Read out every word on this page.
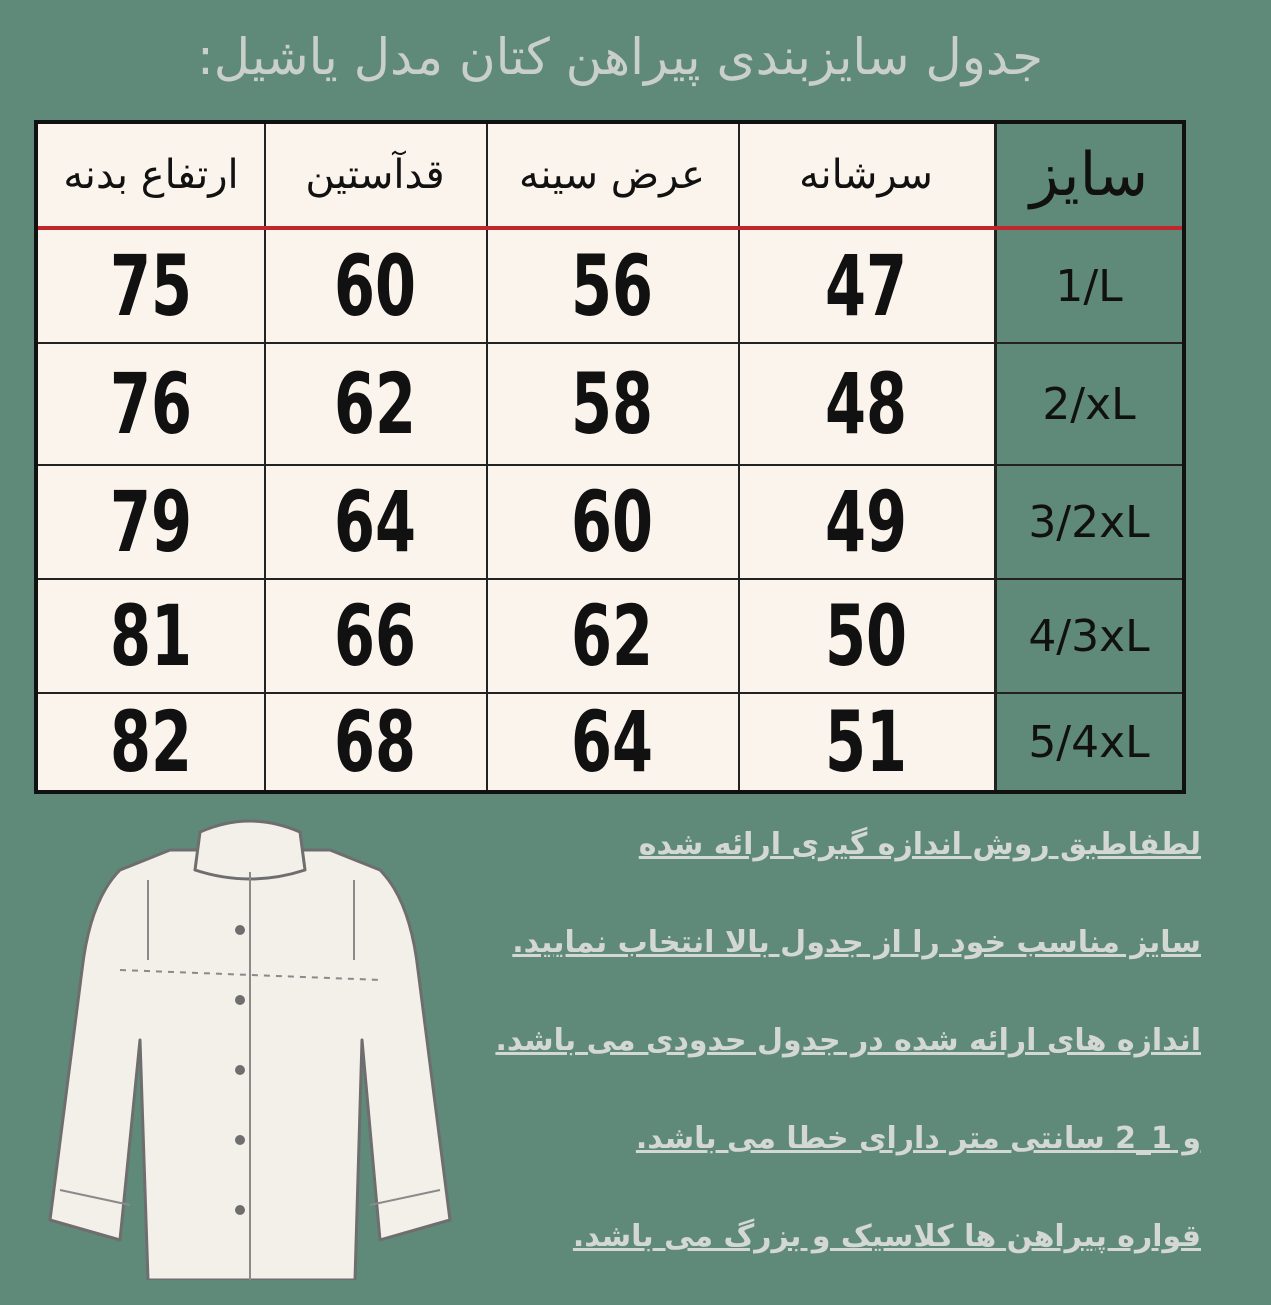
جدول سایزبندی پیراهن کتان مدل یاشیل:
ارتفاع بدنه	قدآستین	عرض سینه	سرشانه	سایز
75	60	56	47	1/L
76	62	58	48	2/xL
79	64	60	49	3/2xL
81	66	62	50	4/3xL
82	68	64	51	5/4xL
لطفاطبق روش اندازه گیری ارائه شده
سایز مناسب خود را از جدول بالا انتخاب نمایید.
اندازه های ارائه شده در جدول حدودی می باشد.
و 1_2 سانتی متر دارای خطا می باشد.
قواره پیراهن ها کلاسیک و بزرگ می باشد.
